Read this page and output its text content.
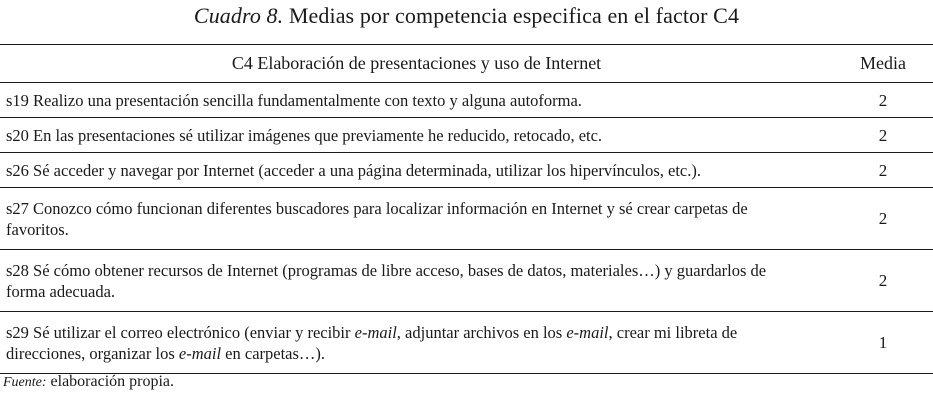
Cuadro 8. Medias por competencia especifica en el factor C4
C4 Elaboración de presentaciones y uso de Internet	Media
s19 Realizo una presentación sencilla fundamentalmente con texto y alguna autoforma.	2
s20 En las presentaciones sé utilizar imágenes que previamente he reducido, retocado, etc.	2
s26 Sé acceder y navegar por Internet (acceder a una página determinada, utilizar los hipervínculos, etc.).	2
s27 Conozco cómo funcionan diferentes buscadores para localizar información en Internet y sé crear carpetas de favoritos.	2
s28 Sé cómo obtener recursos de Internet (programas de libre acceso, bases de datos, materiales…) y guardarlos de forma adecuada.	2
s29 Sé utilizar el correo electrónico (enviar y recibir e-mail, adjuntar archivos en los e-mail, crear mi libreta de direcciones, organizar los e-mail en carpetas…).	1
Fuente: elaboración propia.
